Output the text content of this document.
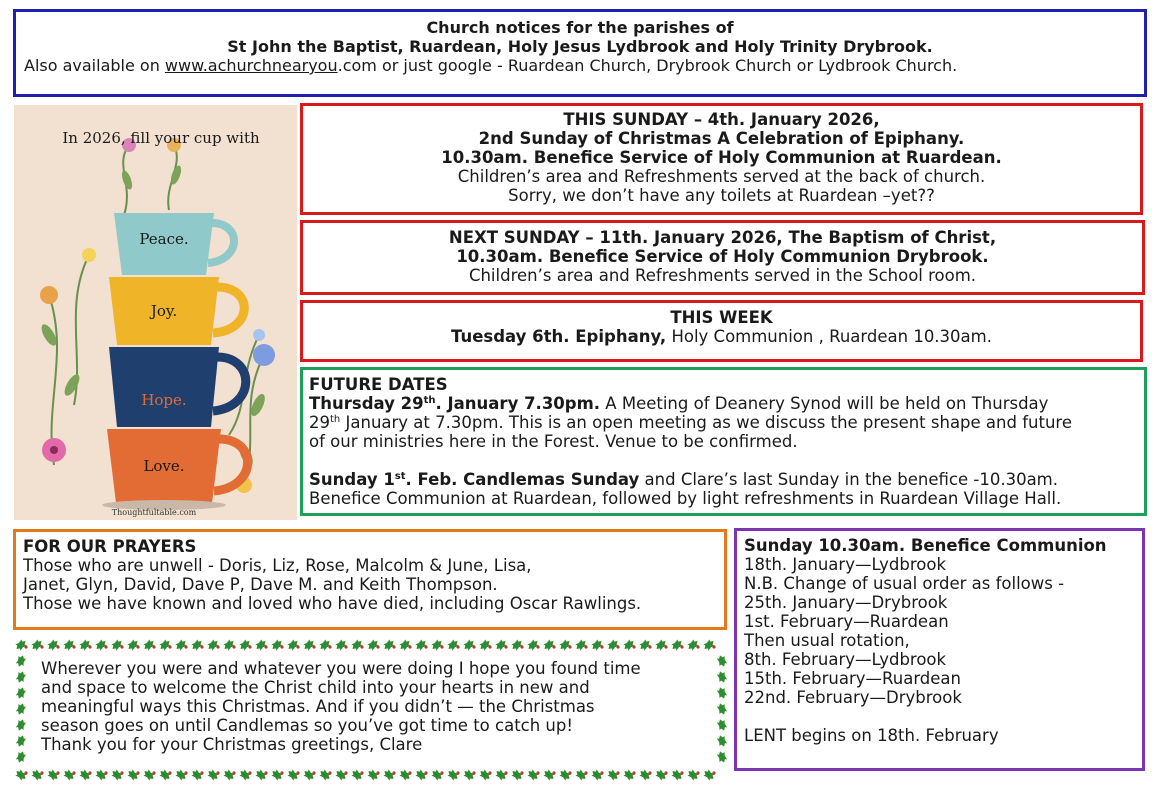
Church notices for the parishes of
St John the Baptist, Ruardean, Holy Jesus Lydbrook and Holy Trinity Drybrook.
Also available on www.achurchnearyou.com or just google - Ruardean Church, Drybrook Church or Lydbrook Church.
Peace.
Joy.
Hope.
Love.
In 2026, fill your cup with
Thoughtfultable.com
THIS SUNDAY – 4th. January 2026,
2nd Sunday of Christmas A Celebration of Epiphany.
10.30am. Benefice Service of Holy Communion at Ruardean.
Children’s area and Refreshments served at the back of church.
Sorry, we don’t have any toilets at Ruardean –yet??
NEXT SUNDAY – 11th. January 2026, The Baptism of Christ,
10.30am. Benefice Service of Holy Communion Drybrook.
Children’s area and Refreshments served in the School room.
THIS WEEK
Tuesday 6th. Epiphany, Holy Communion , Ruardean 10.30am.
FUTURE DATES
Thursday 29th. January 7.30pm. A Meeting of Deanery Synod will be held on Thursday
29th January at 7.30pm. This is an open meeting as we discuss the present shape and future
of our ministries here in the Forest. Venue to be confirmed.
Sunday 1st. Feb. Candlemas Sunday and Clare’s last Sunday in the benefice -10.30am.
Benefice Communion at Ruardean, followed by light refreshments in Ruardean Village Hall.
FOR OUR PRAYERS
Those who are unwell - Doris, Liz, Rose, Malcolm & June, Lisa,
Janet, Glyn, David, Dave P, Dave M. and Keith Thompson.
Those we have known and loved who have died, including Oscar Rawlings.
Wherever you were and whatever you were doing I hope you found time
and space to welcome the Christ child into your hearts in new and
meaningful ways this Christmas. And if you didn’t — the Christmas
season goes on until Candlemas so you’ve got time to catch up!
Thank you for your Christmas greetings, Clare
Sunday 10.30am. Benefice Communion
18th. January—Lydbrook
N.B. Change of usual order as follows -
25th. January—Drybrook
1st. February—Ruardean
Then usual rotation,
8th. February—Lydbrook
15th. February—Ruardean
22nd. February—Drybrook
LENT begins on 18th. February
